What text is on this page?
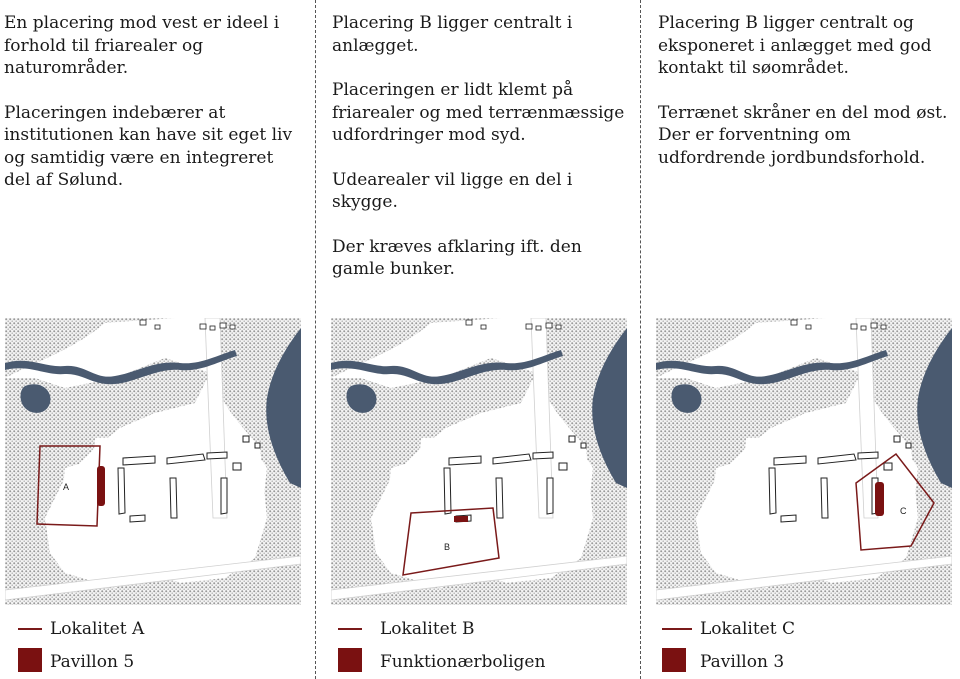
En placering mod vest er ideel i forhold til friarealer og naturområder.

Placeringen indebærer at institutionen kan have sit eget liv og samtidig være en integreret del af Sølund.

Placering B ligger centralt i anlægget.

Placeringen er lidt klemt på friarealer og med terrænmæssige udfordringer mod syd.

Udearealer vil ligge en del i skygge.

Der kræves afklaring ift. den gamle bunker.

Placering B ligger centralt og eksponeret i anlægget med god kontakt til søområdet.

Terrænet skråner en del mod øst. Der er forventning om udfordrende jordbundsforhold.

A
B
C
Lokalitet A
Pavillon 5
Lokalitet B
Funktionærboligen
Lokalitet C
Pavillon 3
